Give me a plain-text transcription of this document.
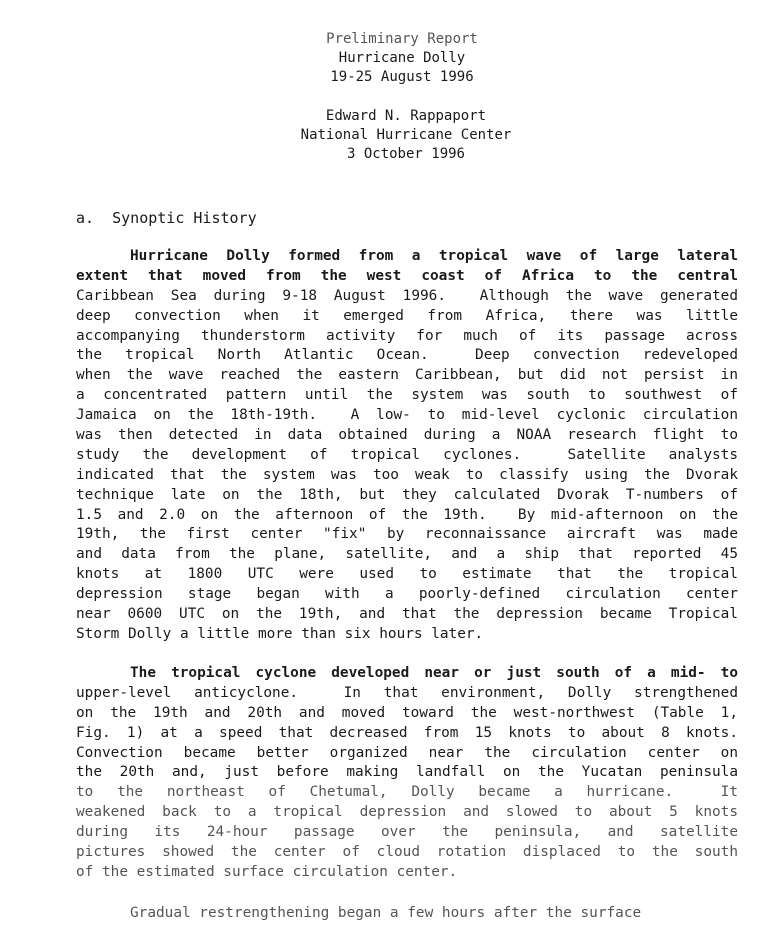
Preliminary Report
Hurricane Dolly
19-25 August 1996
Edward N. Rappaport
National Hurricane Center
3 October 1996
a.  Synoptic History
Hurricane Dolly formed from a tropical wave of large lateral
extent that moved from the west coast of Africa to the central
Caribbean Sea during 9-18 August 1996.  Although the wave generated
deep convection when it emerged from Africa, there was little
accompanying thunderstorm activity for much of its passage across
the tropical North Atlantic Ocean.  Deep convection redeveloped
when the wave reached the eastern Caribbean, but did not persist in
a concentrated pattern until the system was south to southwest of
Jamaica on the 18th-19th.  A low- to mid-level cyclonic circulation
was then detected in data obtained during a NOAA research flight to
study the development of tropical cyclones.  Satellite analysts
indicated that the system was too weak to classify using the Dvorak
technique late on the 18th, but they calculated Dvorak T-numbers of
1.5 and 2.0 on the afternoon of the 19th.  By mid-afternoon on the
19th, the first center "fix" by reconnaissance aircraft was made
and data from the plane, satellite, and a ship that reported 45
knots at 1800 UTC were used to estimate that the tropical
depression stage began with a poorly-defined circulation center
near 0600 UTC on the 19th, and that the depression became Tropical
Storm Dolly a little more than six hours later.
The tropical cyclone developed near or just south of a mid- to
upper-level anticyclone.  In that environment, Dolly strengthened
on the 19th and 20th and moved toward the west-northwest (Table 1,
Fig. 1) at a speed that decreased from 15 knots to about 8 knots.
Convection became better organized near the circulation center on
the 20th and, just before making landfall on the Yucatan peninsula
to the northeast of Chetumal, Dolly became a hurricane.  It
weakened back to a tropical depression and slowed to about 5 knots
during its 24-hour passage over the peninsula, and satellite
pictures showed the center of cloud rotation displaced to the south
of the estimated surface circulation center.
Gradual restrengthening began a few hours after the surface
